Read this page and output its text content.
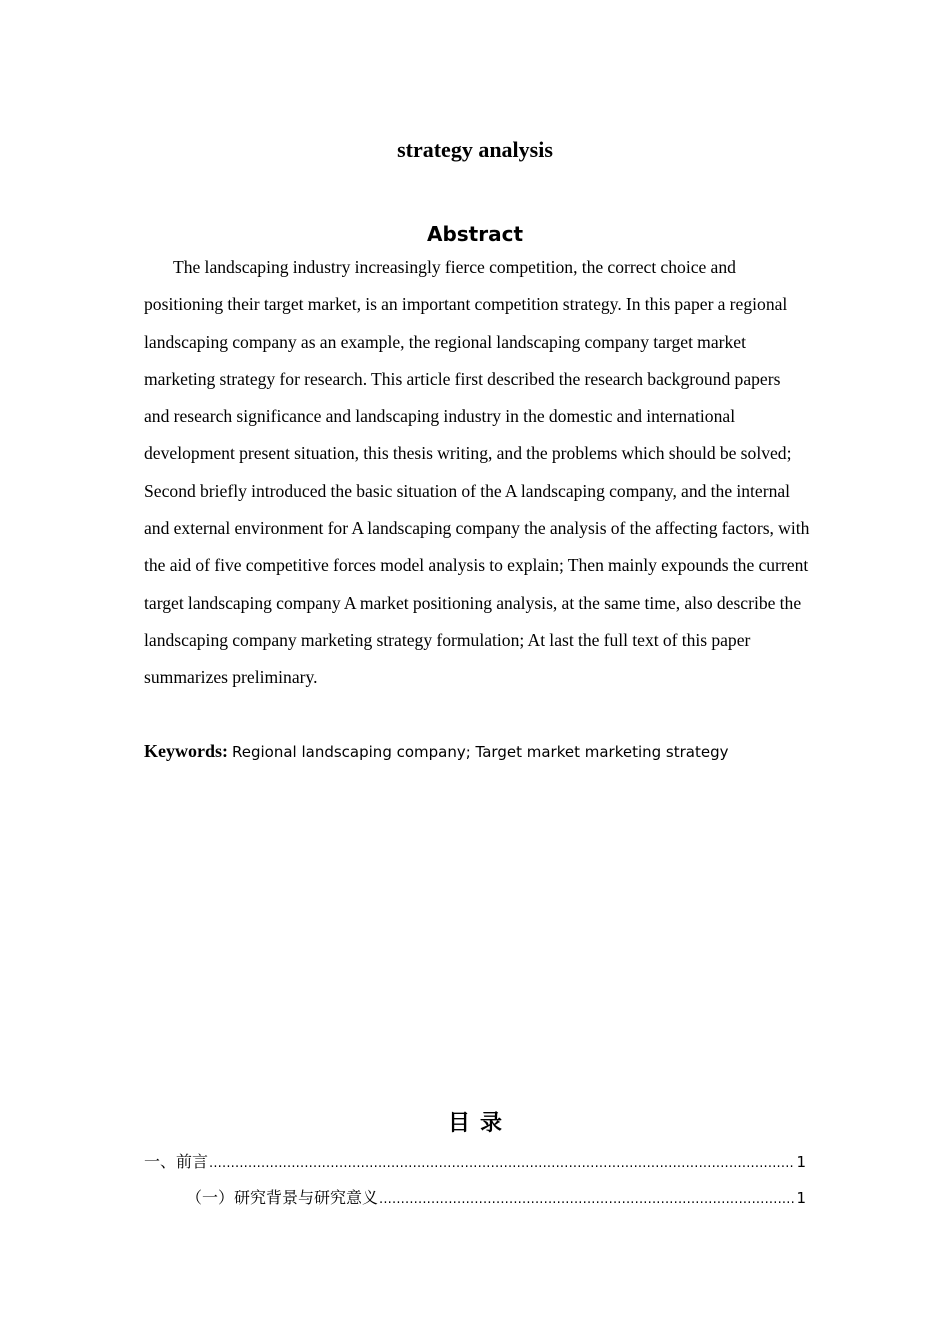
strategy analysis
Abstract

The landscaping industry increasingly fierce competition, the correct choice and positioning their target market, is an important competition strategy. In this paper a regional landscaping company as an example, the regional landscaping company target market marketing strategy for research. This article first described the research background papers and research significance and landscaping industry in the domestic and international development present situation, this thesis writing, and the problems which should be solved; Second briefly introduced the basic situation of the A landscaping company, and the internal and external environment for A landscaping company the analysis of the affecting factors, with the aid of five competitive forces model analysis to explain; Then mainly expounds the current target landscaping company A market positioning analysis, at the same time, also describe the landscaping company marketing strategy formulation; At last the full text of this paper summarizes preliminary.

Keywords: Regional landscaping company; Target market marketing strategy

目录
一、前言 .....	1
（一）研究背景与研究意义 .....	1
